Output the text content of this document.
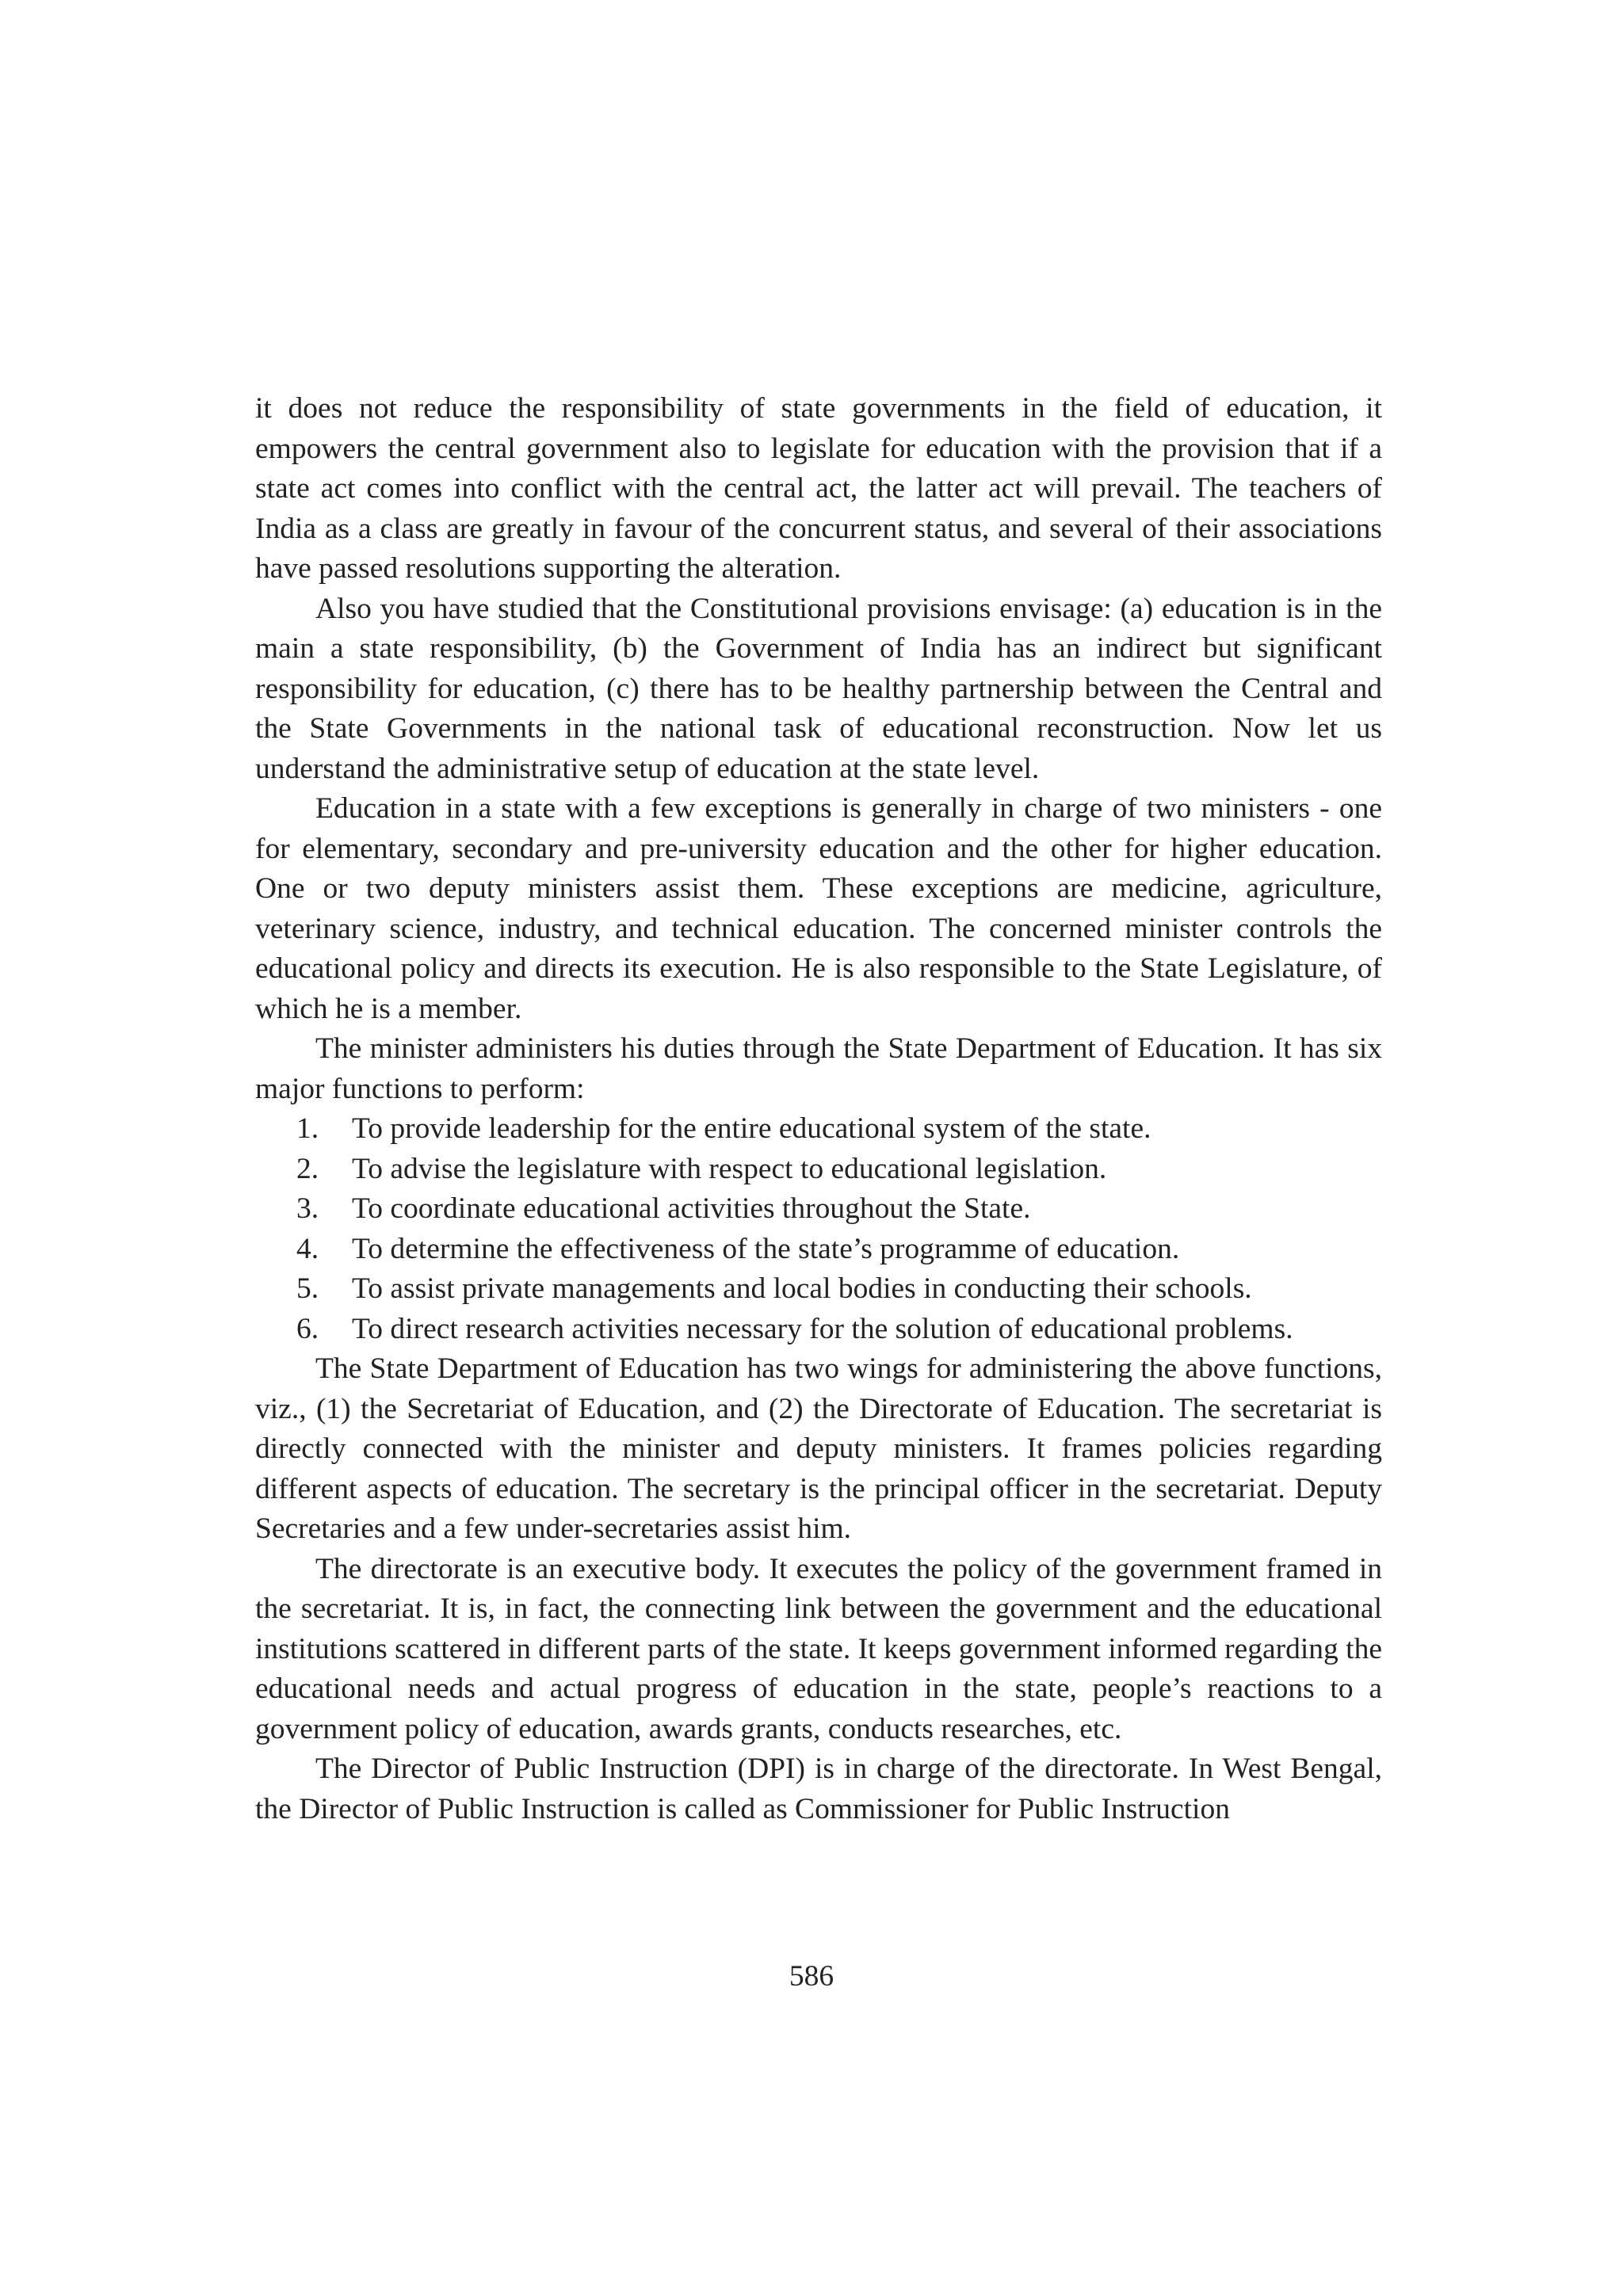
it does not reduce the responsibility of state governments in the field of education, it empowers the central government also to legislate for education with the provision that if a state act comes into conflict with the central act, the latter act will prevail. The teachers of India as a class are greatly in favour of the concurrent status, and several of their associations have passed resolutions supporting the alteration.

Also you have studied that the Constitutional provisions envisage: (a) education is in the main a state responsibility, (b) the Government of India has an indirect but significant responsibility for education, (c) there has to be healthy partnership between the Central and the State Governments in the national task of educational reconstruction. Now let us understand the administrative setup of education at the state level.

Education in a state with a few exceptions is generally in charge of two ministers - one for elementary, secondary and pre-university education and the other for higher education. One or two deputy ministers assist them. These exceptions are medicine, agriculture, veterinary science, industry, and technical education. The concerned minister controls the educational policy and directs its execution. He is also responsible to the State Legislature, of which he is a member.

The minister administers his duties through the State Department of Education. It has six major functions to perform:

1.	To provide leadership for the entire educational system of the state.
2.	To advise the legislature with respect to educational legislation.
3.	To coordinate educational activities throughout the State.
4.	To determine the effectiveness of the state’s programme of education.
5.	To assist private managements and local bodies in conducting their schools.
6.	To direct research activities necessary for the solution of educational problems.

The State Department of Education has two wings for administering the above functions, viz., (1) the Secretariat of Education, and (2) the Directorate of Education. The secretariat is directly connected with the minister and deputy ministers. It frames policies regarding different aspects of education. The secretary is the principal officer in the secretariat. Deputy Secretaries and a few under-secretaries assist him.

The directorate is an executive body. It executes the policy of the government framed in the secretariat. It is, in fact, the connecting link between the government and the educational institutions scattered in different parts of the state. It keeps government informed regarding the educational needs and actual progress of education in the state, people’s reactions to a government policy of education, awards grants, conducts researches, etc.

The Director of Public Instruction (DPI) is in charge of the directorate. In West Bengal, the Director of Public Instruction is called as Commissioner for Public Instruction

586
